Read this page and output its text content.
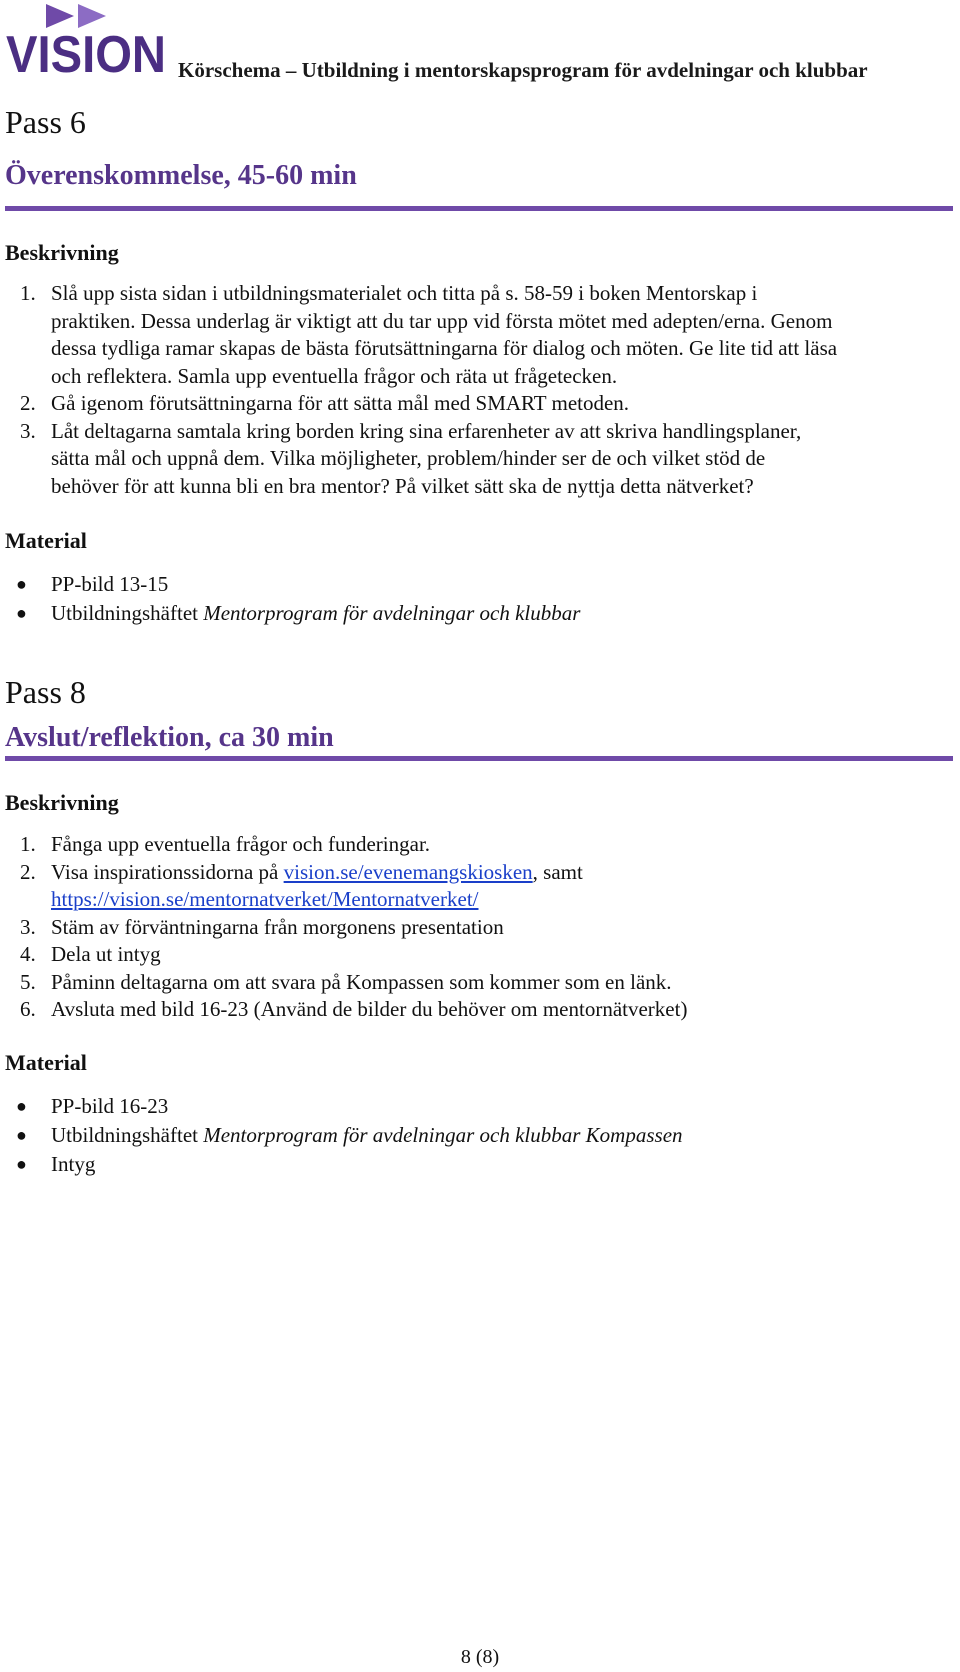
VISION Körschema – Utbildning i mentorskapsprogram för avdelningar och klubbar

Pass 6
Överenskommelse, 45-60 min
Beskrivning
1. Slå upp sista sidan i utbildningsmaterialet och titta på s. 58-59 i boken Mentorskap i
praktiken. Dessa underlag är viktigt att du tar upp vid första mötet med adepten/erna. Genom
dessa tydliga ramar skapas de bästa förutsättningarna för dialog och möten. Ge lite tid att läsa
och reflektera. Samla upp eventuella frågor och räta ut frågetecken.
2. Gå igenom förutsättningarna för att sätta mål med SMART metoden.
3. Låt deltagarna samtala kring borden kring sina erfarenheter av att skriva handlingsplaner,
sätta mål och uppnå dem. Vilka möjligheter, problem/hinder ser de och vilket stöd de
behöver för att kunna bli en bra mentor? På vilket sätt ska de nyttja detta nätverket?
Material
● PP-bild 13-15
● Utbildningshäftet Mentorprogram för avdelningar och klubbar
Pass 8
Avslut/reflektion, ca 30 min
Beskrivning
1. Fånga upp eventuella frågor och funderingar.
2. Visa inspirationssidorna på vision.se/evenemangskiosken, samt
https://vision.se/mentornatverket/Mentornatverket/
3. Stäm av förväntningarna från morgonens presentation
4. Dela ut intyg
5. Påminn deltagarna om att svara på Kompassen som kommer som en länk.
6. Avsluta med bild 16-23 (Använd de bilder du behöver om mentornätverket)
Material
● PP-bild 16-23
● Utbildningshäftet Mentorprogram för avdelningar och klubbar Kompassen
● Intyg
8 (8)
